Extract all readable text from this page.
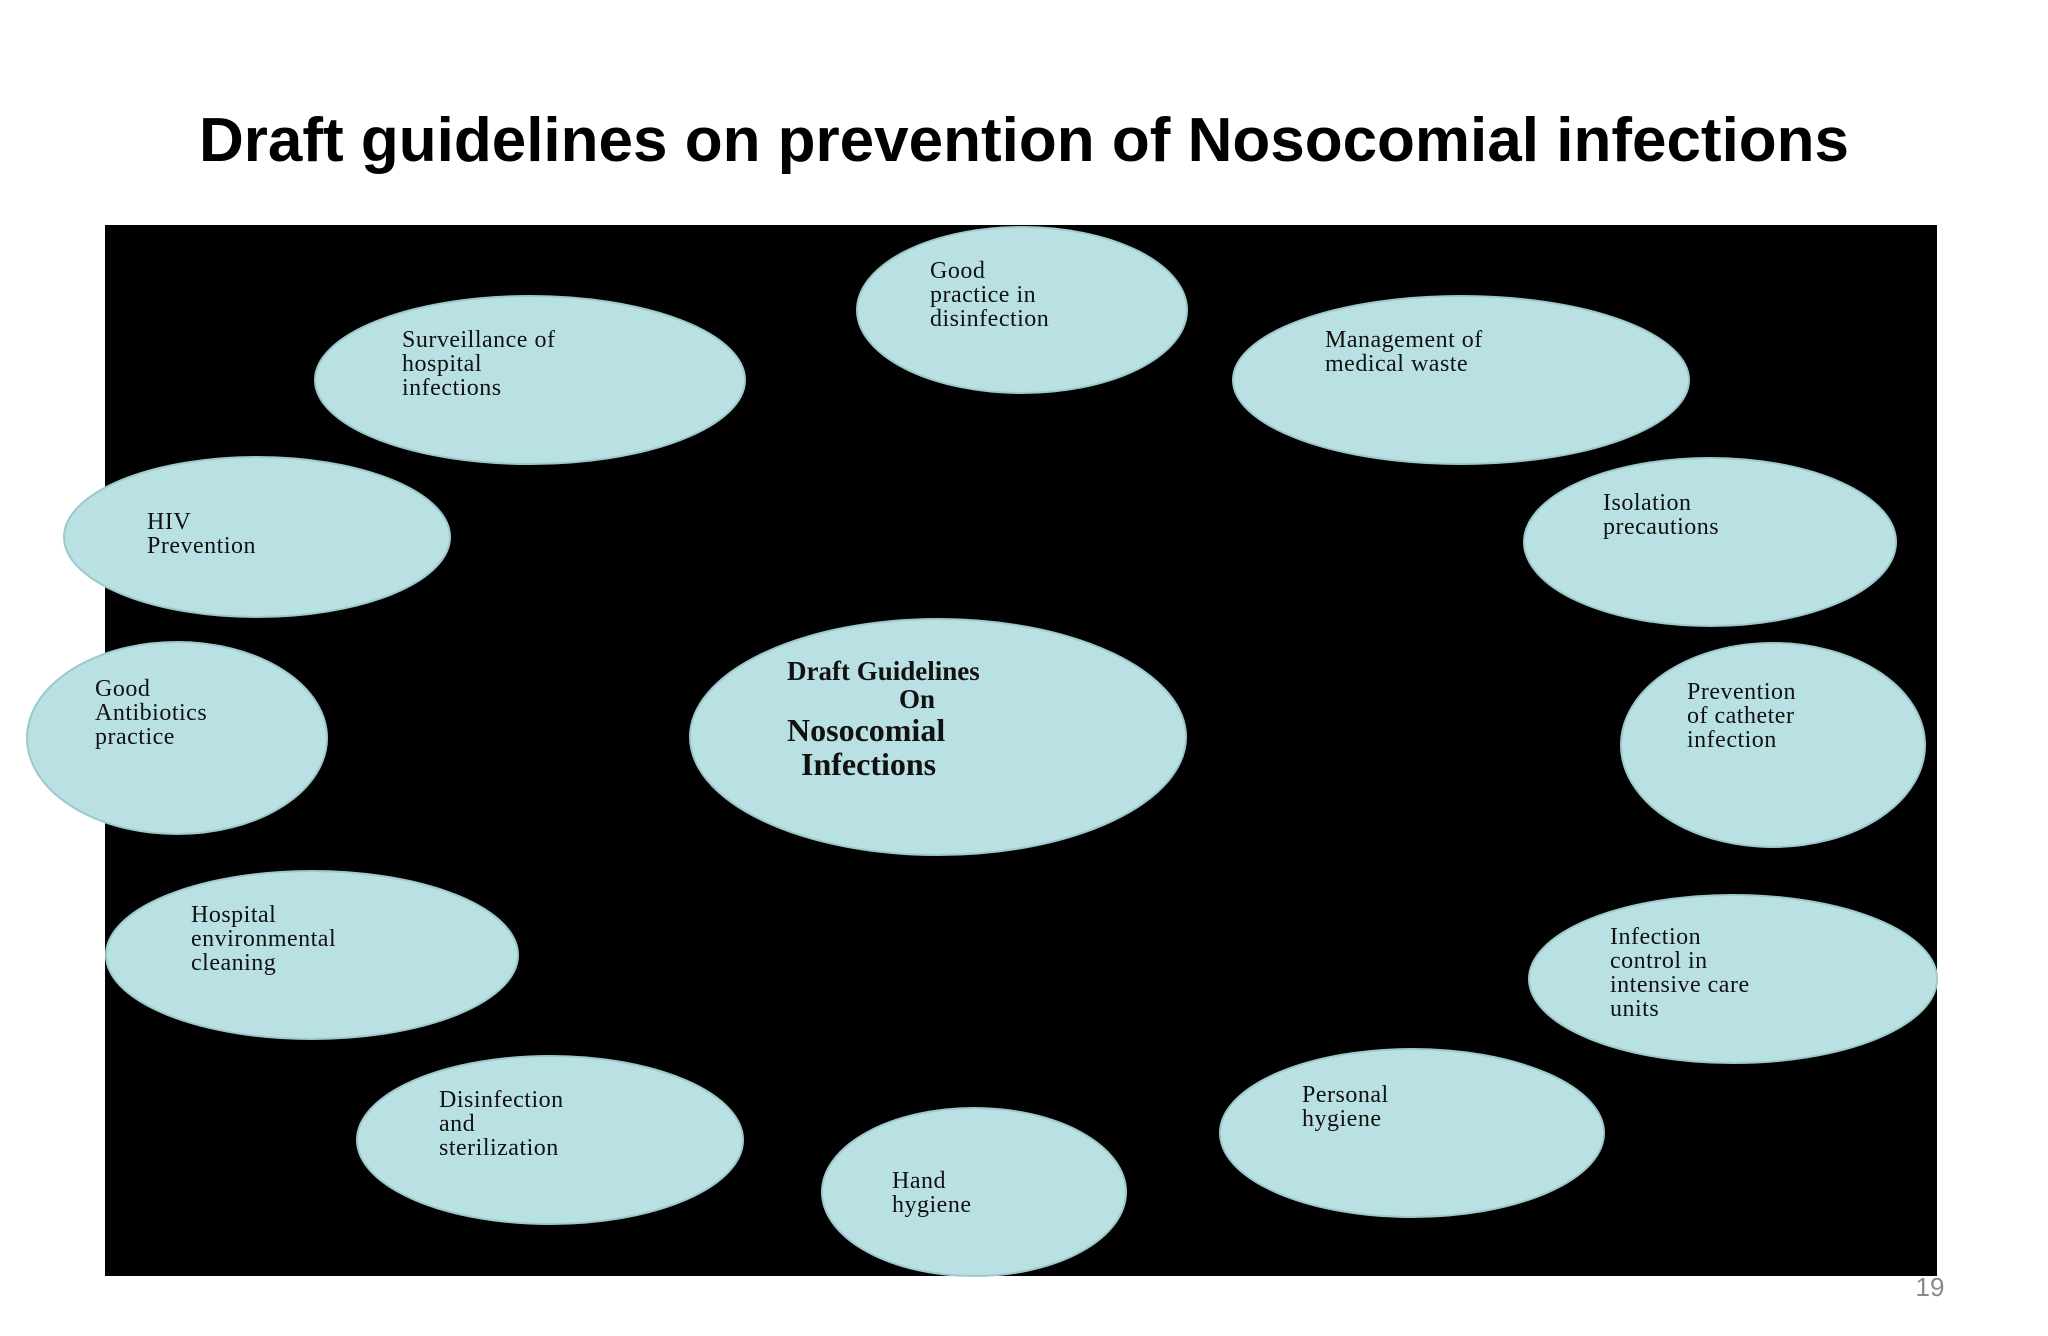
Draft guidelines on prevention of Nosocomial infections
Draft Guidelines
On
Nosocomial
Infections
Good
practice in
disinfection
Management of
medical waste
Isolation
precautions
Prevention
of catheter
infection
Infection
control in
intensive care
units
Personal
hygiene
Hand
hygiene
Disinfection
and
sterilization
Hospital
environmental
cleaning
Good
Antibiotics
practice
HIV
Prevention
Surveillance of
hospital
infections
19
